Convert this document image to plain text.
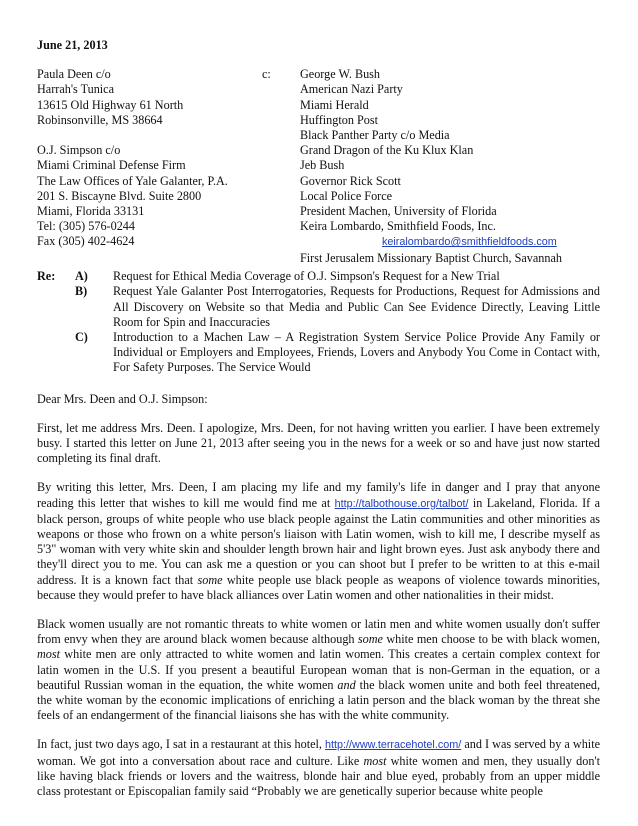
June 21, 2013
Paula Deen c/o
Harrah's Tunica
13615 Old Highway 61 North
Robinsonville, MS 38664
O.J. Simpson c/o
Miami Criminal Defense Firm
The Law Offices of Yale Galanter, P.A.
201 S. Biscayne Blvd. Suite 2800
Miami, Florida 33131
Tel: (305) 576-0244
Fax (305) 402-4624
c: George W. Bush
American Nazi Party
Miami Herald
Huffington Post
Black Panther Party c/o Media
Grand Dragon of the Ku Klux Klan
Jeb Bush
Governor Rick Scott
Local Police Force
President Machen, University of Florida
Keira Lombardo, Smithfield Foods, Inc.
keiralombardo@smithfieldfoods.com
First Jerusalem Missionary Baptist Church, Savannah
Re:	A)	Request for Ethical Media Coverage of O.J. Simpson's Request for a New Trial
B)	Request Yale Galanter Post Interrogatories, Requests for Productions, Request for Admissions and All Discovery on Website so that Media and Public Can See Evidence Directly, Leaving Little Room for Spin and Inaccuracies
C)	Introduction to a Machen Law – A Registration System Service Police Provide Any Family or Individual or Employers and Employees, Friends, Lovers and Anybody You Come in Contact with, For Safety Purposes. The Service Would

Dear Mrs. Deen and O.J. Simpson:

First, let me address Mrs. Deen. I apologize, Mrs. Deen, for not having written you earlier. I have been extremely busy. I started this letter on June 21, 2013 after seeing you in the news for a week or so and have just now started completing its final draft.

By writing this letter, Mrs. Deen, I am placing my life and my family's life in danger and I pray that anyone reading this letter that wishes to kill me would find me at http://talbothouse.org/talbot/ in Lakeland, Florida. If a black person, groups of white people who use black people against the Latin communities and other minorities as weapons or those who frown on a white person's liaison with Latin women, wish to kill me, I describe myself as 5'3" woman with very white skin and shoulder length brown hair and light brown eyes. Just ask anybody there and they'll direct you to me. You can ask me a question or you can shoot but I prefer to be written to at this e-mail address. It is a known fact that some white people use black people as weapons of violence towards minorities, because they would prefer to have black alliances over Latin women and other nationalities in their midst.

Black women usually are not romantic threats to white women or latin men and white women usually don't suffer from envy when they are around black women because although some white men choose to be with black women, most white men are only attracted to white women and latin women. This creates a certain complex context for latin women in the U.S. If you present a beautiful European woman that is non-German in the equation, or a beautiful Russian woman in the equation, the white women and the black women unite and both feel threatened, the white woman by the economic implications of enriching a latin person and the black woman by the threat she feels of an endangerment of the financial liaisons she has with the white community.

In fact, just two days ago, I sat in a restaurant at this hotel, http://www.terracehotel.com/ and I was served by a white woman. We got into a conversation about race and culture. Like most white women and men, they usually don't like having black friends or lovers and the waitress, blonde hair and blue eyed, probably from an upper middle class protestant or Episcopalian family said “Probably we are genetically superior because white people
